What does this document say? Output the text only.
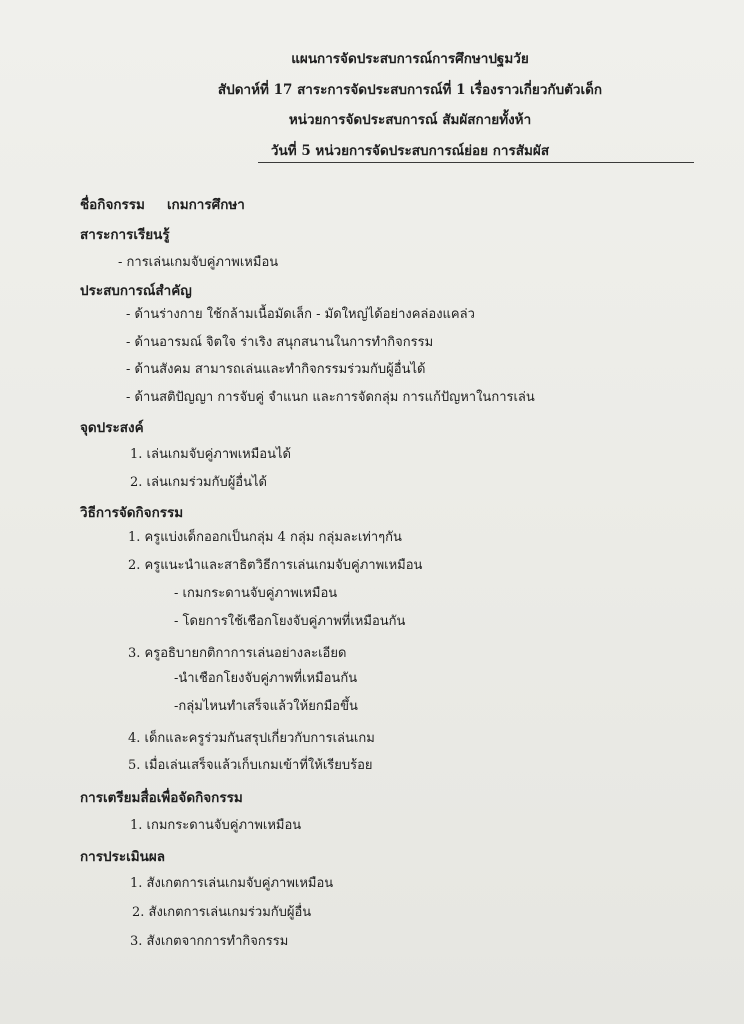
แผนการจัดประสบการณ์การศึกษาปฐมวัย
สัปดาห์ที่ 17 สาระการจัดประสบการณ์ที่ 1 เรื่องราวเกี่ยวกับตัวเด็ก
หน่วยการจัดประสบการณ์ สัมผัสกายทั้งห้า
วันที่ 5 หน่วยการจัดประสบการณ์ย่อย การสัมผัส
ชื่อกิจกรรม เกมการศึกษา
สาระการเรียนรู้
- การเล่นเกมจับคู่ภาพเหมือน
ประสบการณ์สำคัญ
- ด้านร่างกาย ใช้กล้ามเนื้อมัดเล็ก - มัดใหญ่ได้อย่างคล่องแคล่ว
- ด้านอารมณ์ จิตใจ ร่าเริง สนุกสนานในการทำกิจกรรม
- ด้านสังคม สามารถเล่นและทำกิจกรรมร่วมกับผู้อื่นได้
- ด้านสติปัญญา การจับคู่ จำแนก และการจัดกลุ่ม การแก้ปัญหาในการเล่น
จุดประสงค์
1. เล่นเกมจับคู่ภาพเหมือนได้
2. เล่นเกมร่วมกับผู้อื่นได้
วิธีการจัดกิจกรรม
1. ครูแบ่งเด็กออกเป็นกลุ่ม 4 กลุ่ม กลุ่มละเท่าๆกัน
2. ครูแนะนำและสาธิตวิธีการเล่นเกมจับคู่ภาพเหมือน
- เกมกระดานจับคู่ภาพเหมือน
- โดยการใช้เชือกโยงจับคู่ภาพที่เหมือนกัน
3. ครูอธิบายกติกาการเล่นอย่างละเอียด
-นำเชือกโยงจับคู่ภาพที่เหมือนกัน
-กลุ่มไหนทำเสร็จแล้วให้ยกมือขึ้น
4. เด็กและครูร่วมกันสรุปเกี่ยวกับการเล่นเกม
5. เมื่อเล่นเสร็จแล้วเก็บเกมเข้าที่ให้เรียบร้อย
การเตรียมสื่อเพื่อจัดกิจกรรม
1. เกมกระดานจับคู่ภาพเหมือน
การประเมินผล
1. สังเกตการเล่นเกมจับคู่ภาพเหมือน
2. สังเกตการเล่นเกมร่วมกับผู้อื่น
3. สังเกตจากการทำกิจกรรม
